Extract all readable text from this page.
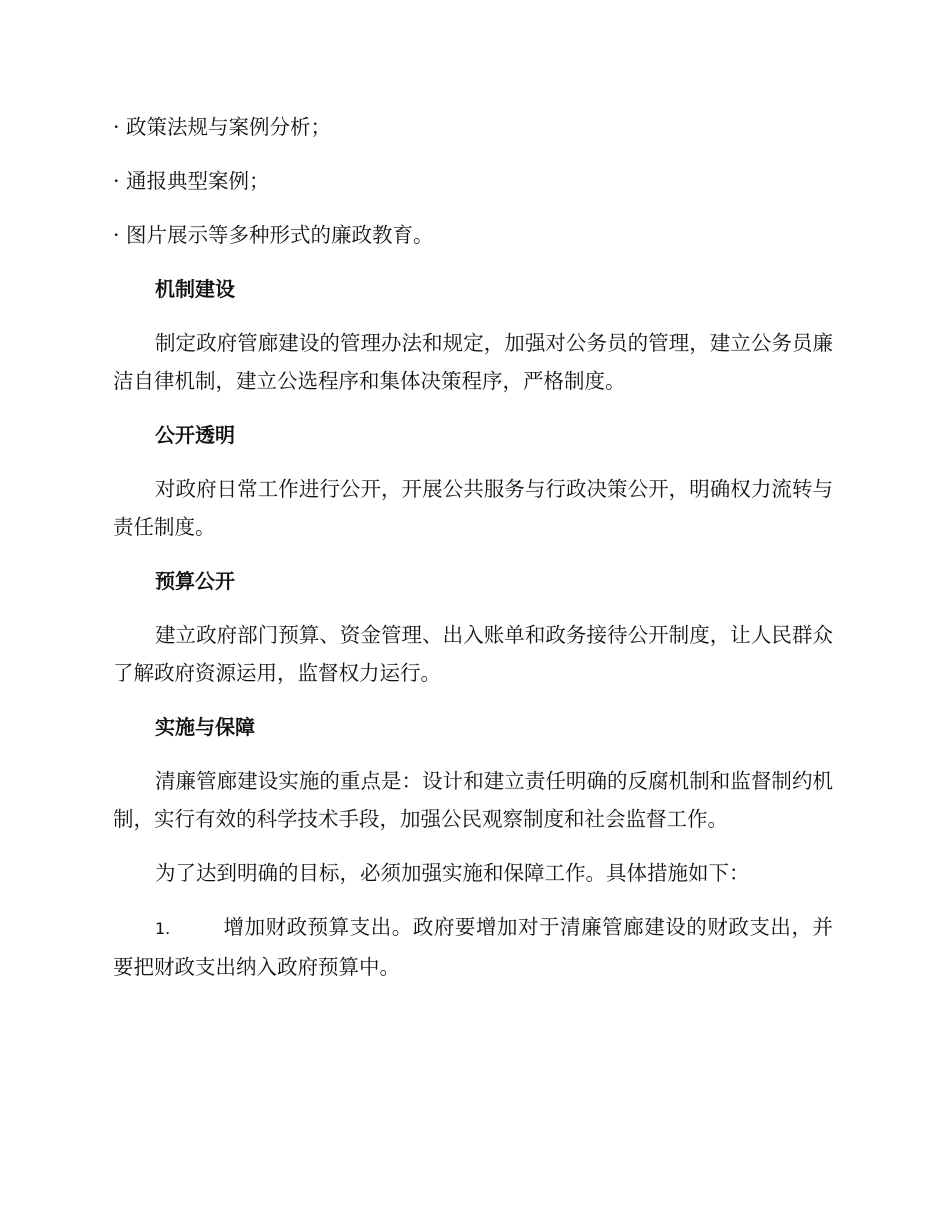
· 政策法规与案例分析；

· 通报典型案例；

· 图片展示等多种形式的廉政教育。

机制建设

制定政府管廊建设的管理办法和规定，加强对公务员的管理，建立公务员廉洁自律机制，建立公选程序和集体决策程序，严格制度。

公开透明

对政府日常工作进行公开，开展公共服务与行政决策公开，明确权力流转与责任制度。

预算公开

建立政府部门预算、资金管理、出入账单和政务接待公开制度，让人民群众了解政府资源运用，监督权力运行。

实施与保障

清廉管廊建设实施的重点是：设计和建立责任明确的反腐机制和监督制约机制，实行有效的科学技术手段，加强公民观察制度和社会监督工作。

为了达到明确的目标，必须加强实施和保障工作。具体措施如下：

1.	增加财政预算支出。政府要增加对于清廉管廊建设的财政支出，并要把财政支出纳入政府预算中。
